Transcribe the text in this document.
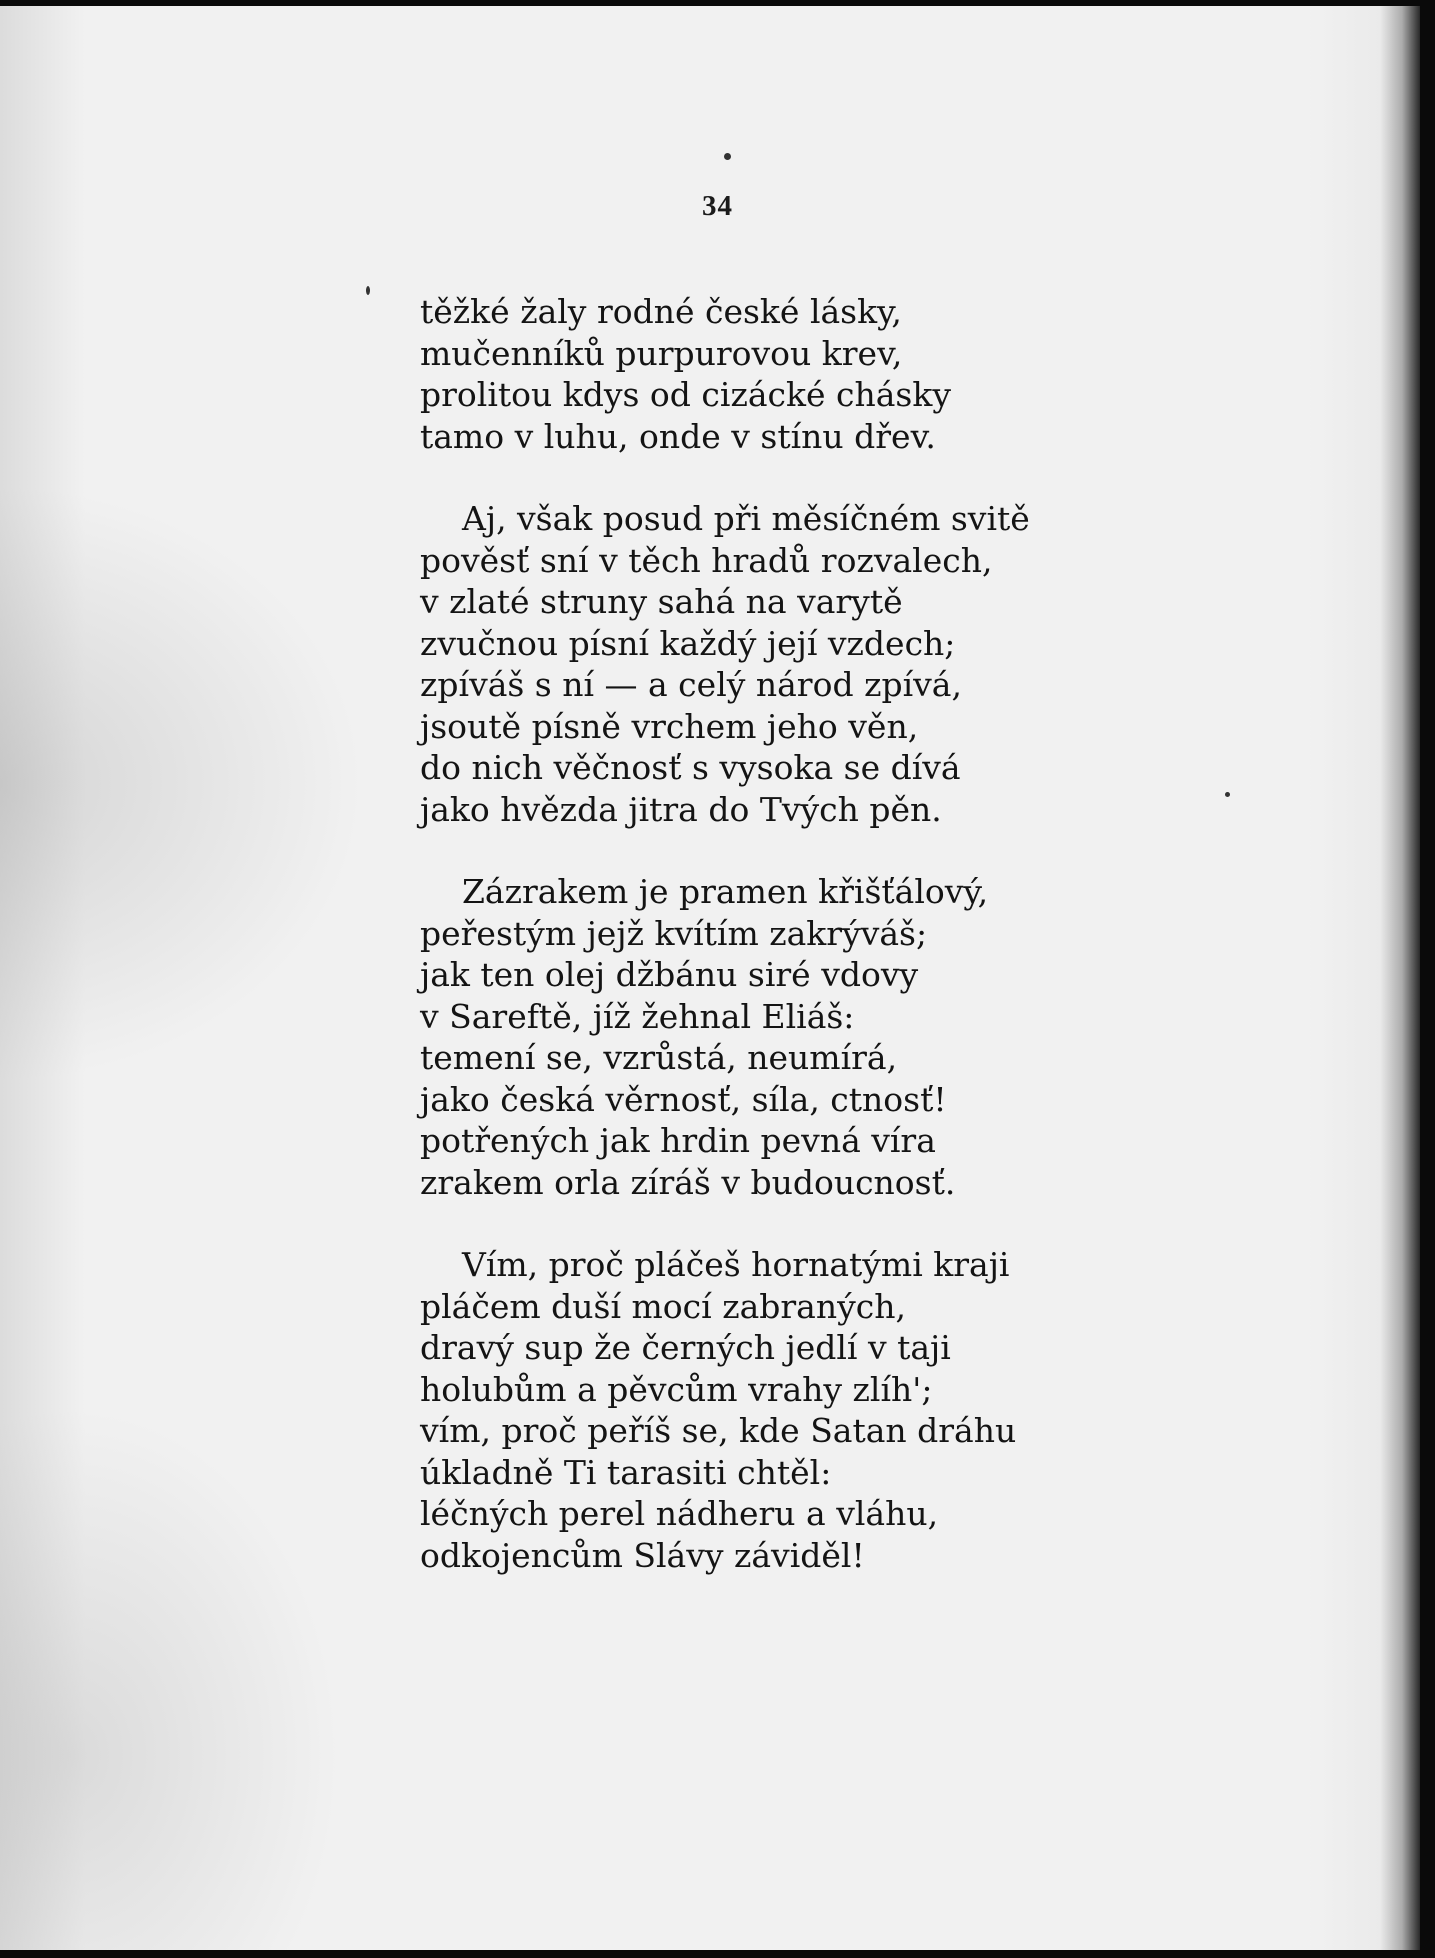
34
těžké žaly rodné české lásky,
mučenníků purpurovou krev,
prolitou kdys od cizácké chásky
tamo v luhu, onde v stínu dřev.
Aj, však posud při měsíčném svitě
pověsť sní v těch hradů rozvalech,
v zlaté struny sahá na varytě
zvučnou písní každý její vzdech;
zpíváš s ní — a celý národ zpívá,
jsoutě písně vrchem jeho věn,
do nich věčnosť s vysoka se dívá
jako hvězda jitra do Tvých pěn.
Zázrakem je pramen křišťálový,
peřestým jejž kvítím zakrýváš;
jak ten olej džbánu siré vdovy
v Sareftě, jíž žehnal Eliáš:
temení se, vzrůstá, neumírá,
jako česká věrnosť, síla, ctnosť!
potřených jak hrdin pevná víra
zrakem orla zíráš v budoucnosť.
Vím, proč pláčeš hornatými kraji
pláčem duší mocí zabraných,
dravý sup že černých jedlí v taji
holubům a pěvcům vrahy zlíh';
vím, proč peříš se, kde Satan dráhu
úkladně Ti tarasiti chtěl:
léčných perel nádheru a vláhu,
odkojencům Slávy záviděl!
